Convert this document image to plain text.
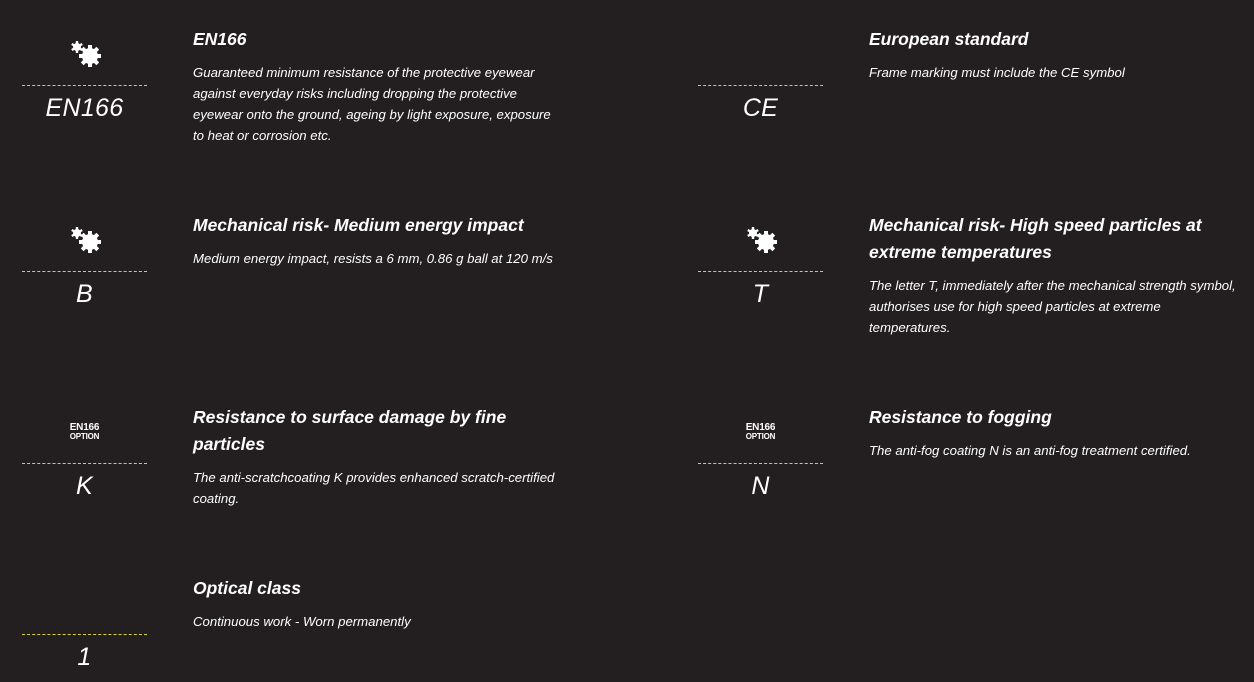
EN166
EN166

Guaranteed minimum resistance of the protective eyewear against everyday risks including dropping the protective eyewear onto the ground, ageing by light exposure, exposure to heat or corrosion etc.

CE
European standard

Frame marking must include the CE symbol

B
Mechanical risk- Medium energy impact

Medium energy impact, resists a 6 mm, 0.86 g ball at 120 m/s

T
Mechanical risk- High speed particles at extreme temperatures

The letter T, immediately after the mechanical strength symbol, authorises use for high speed particles at extreme temperatures.

EN166
OPTION
K
Resistance to surface damage by fine particles

The anti-scratchcoating K provides enhanced scratch-certified coating.

EN166
OPTION
N
Resistance to fogging

The anti-fog coating N is an anti-fog treatment certified.

1
Optical class

Continuous work - Worn permanently
